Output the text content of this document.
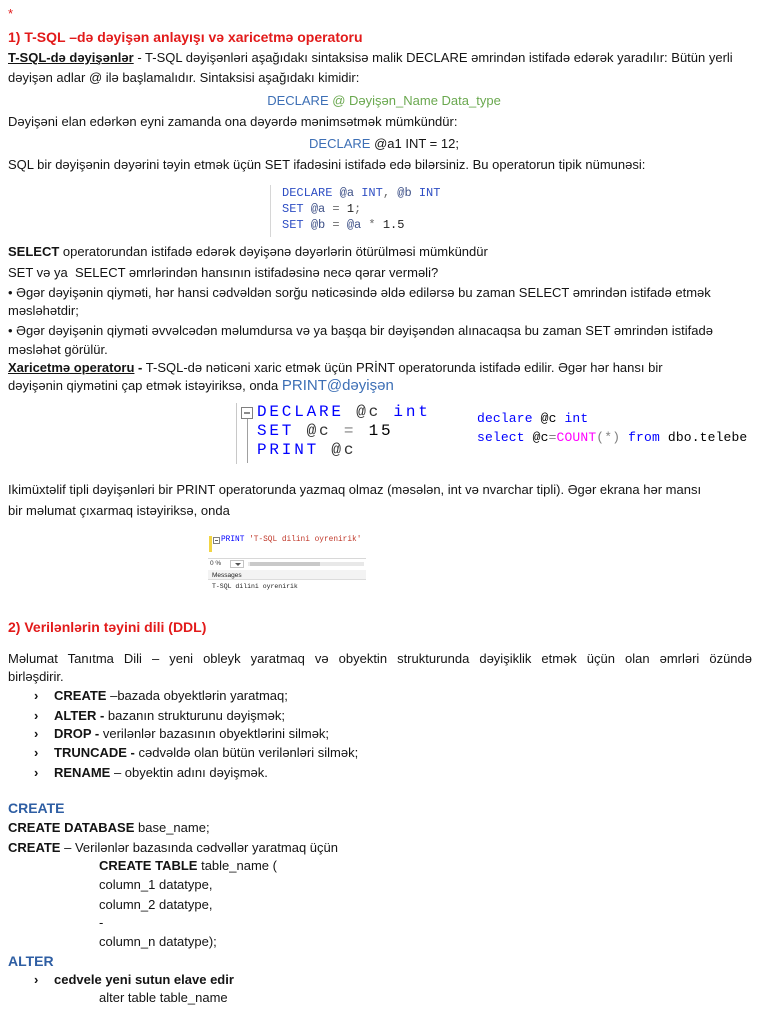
*
1) T-SQL –də dəyişən anlayışı və xaricetmə operatoru
T-SQL-də dəyişənlər - T-SQL dəyişənləri aşağıdakı sintaksisə malik DECLARE əmrindən istifadə edərək yaradılır: Bütün yerli
dəyişən adlar @ ilə başlamalıdır. Sintaksisi aşağıdakı kimidir:
DECLARE @ Dəyişən_Name Data_type
Dəyişəni elan edərkən eyni zamanda ona dəyərdə mənimsətmək mümkündür:
DECLARE @a1 INT = 12;
SQL bir dəyişənin dəyərini təyin etmək üçün SET ifadəsini istifadə edə bilərsiniz. Bu operatorun tipik nümunəsi:
DECLARE @a INT, @b INT
SET @a = 1;
SET @b = @a * 1.5
SELECT operatorundan istifadə edərək dəyişənə dəyərlərin ötürülməsi mümkündür
SET və ya  SELECT əmrlərindən hansının istifadəsinə necə qərar verməli?
• Əgər dəyişənin qiyməti, hər hansi cədvəldən sorğu nəticəsində əldə edilərsə bu zaman SELECT əmrindən istifadə etmək
məsləhətdir;
• Əgər dəyişənin qiyməti əvvəlcədən məlumdursa və ya başqa bir dəyişəndən alınacaqsa bu zaman SET əmrindən istifadə
məsləhət görülür.
Xaricetmə operatoru - T-SQL-də nəticəni xaric etmək üçün PRİNT operatorunda istifadə edilir. Əgər hər hansı bir
dəyişənin qiymətini çap etmək istəyiriksə, onda PRINT@dəyişən
DECLARE @c int
SET @c = 15
PRINT @c
declare @c int
select @c=COUNT(*) from dbo.telebe
Ikimüxtəlif tipli dəyişənləri bir PRINT operatorunda yazmaq olmaz (məsələn, int və nvarchar tipli). Əgər ekrana hər mansı
bir məlumat çıxarmaq istəyiriksə, onda
PRINT 'T-SQL dilini oyrenirik'
0 %
Messages
T-SQL dilini oyrenirik
2) Verilənlərin təyini dili (DDL)
Məlumat Tanıtma Dili – yeni obleyk yaratmaq və obyektin strukturunda dəyişiklik etmək üçün olan əmrləri özündə
birləşdirir.
› CREATE –bazada obyektlərin yaratmaq;
› ALTER - bazanın strukturunu dəyişmək;
› DROP - verilənlər bazasının obyektlərini silmək;
› TRUNCADE - cədvəldə olan bütün verilənləri silmək;
› RENAME – obyektin adını dəyişmək.
CREATE
CREATE DATABASE base_name;
CREATE – Verilənlər bazasında cədvəllər yaratmaq üçün
CREATE TABLE table_name (
column_1 datatype,
column_2 datatype,
-
column_n datatype);
ALTER
› cedvele yeni sutun elave edir
alter table table_name
